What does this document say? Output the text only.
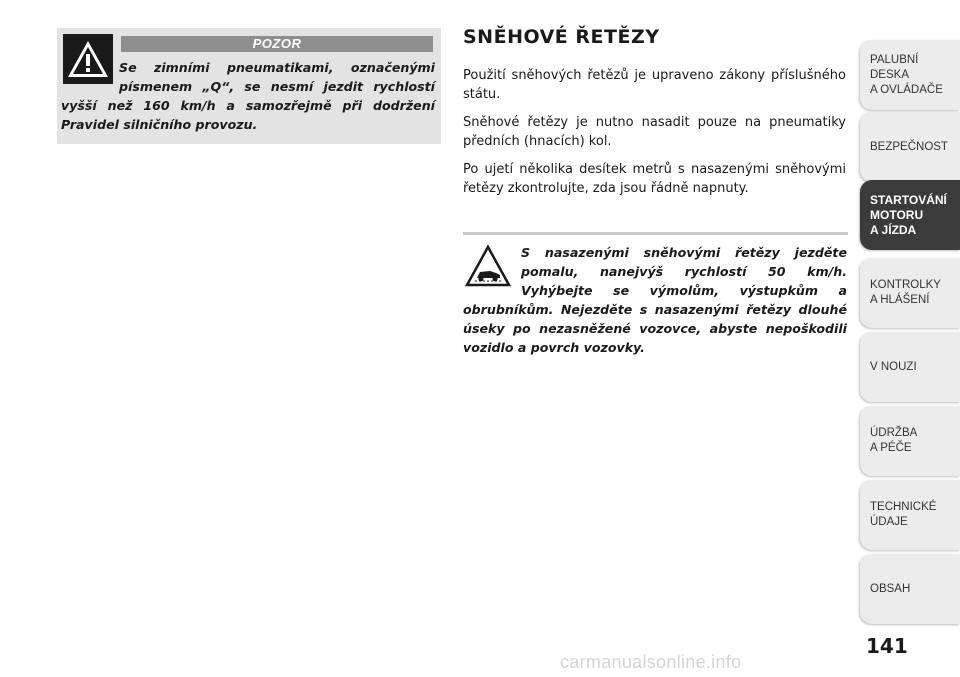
POZOR

Se zimními pneumatikami, označenými písmenem „Q“, se nesmí jezdit rychlostí vyšší než 160 km/h a samozřejmě při dodržení Pravidel silničního provozu.

SNĚHOVÉ ŘETĚZY

Použití sněhových řetězů je upraveno zákony příslušného státu.

Sněhové řetězy je nutno nasadit pouze na pneumatiky předních (hnacích) kol.

Po ujetí několika desítek metrů s nasazenými sněhovými řetězy zkontrolujte, zda jsou řádně napnuty.

S nasazenými sněhovými řetězy jezděte pomalu, nanejvýš rychlostí 50 km/h. Vyhýbejte se výmolům, výstupkům a obrubníkům. Nejezděte s nasazenými řetězy dlouhé úseky po nezasněžené vozovce, abyste nepoškodili vozidlo a povrch vozovky.

PALUBNÍ DESKA
A OVLÁDAČE
BEZPEČNOST
STARTOVÁNÍ
MOTORU
A JÍZDA
KONTROLKY
A HLÁŠENÍ
V NOUZI
ÚDRŽBA
A PÉČE
TECHNICKÉ
ÚDAJE
OBSAH

141

carmanualsonline.info
